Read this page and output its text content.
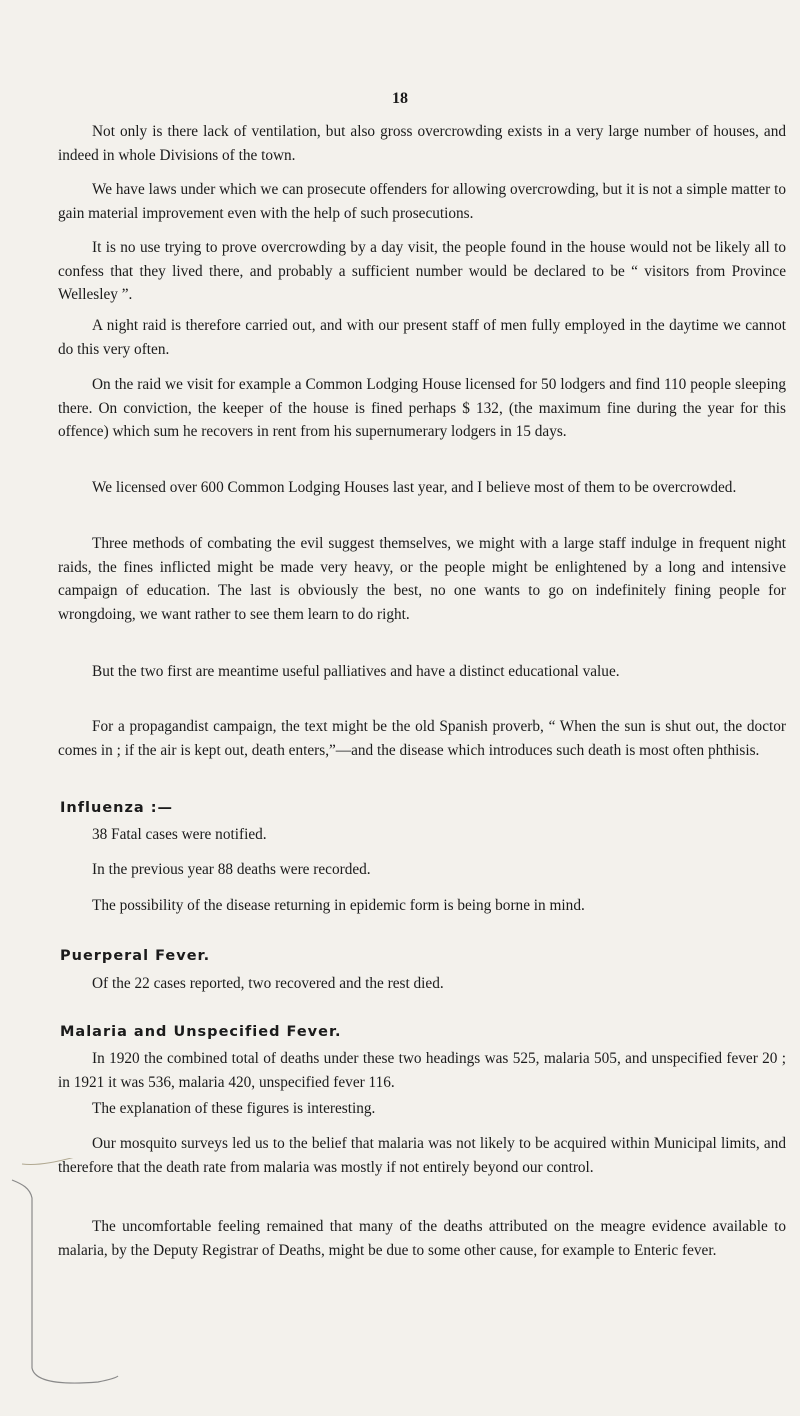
18

Not only is there lack of ventilation, but also gross overcrowding exists in a very large number of houses, and indeed in whole Divisions of the town.

We have laws under which we can prosecute offenders for allowing overcrowding, but it is not a simple matter to gain material improvement even with the help of such prosecutions.

It is no use trying to prove overcrowding by a day visit, the people found in the house would not be likely all to confess that they lived there, and probably a sufficient number would be declared to be “ visitors from Province Wellesley ”.

A night raid is therefore carried out, and with our present staff of men fully employed in the daytime we cannot do this very often.

On the raid we visit for example a Common Lodging House licensed for 50 lodgers and find 110 people sleeping there. On conviction, the keeper of the house is fined perhaps $ 132, (the maximum fine during the year for this offence) which sum he recovers in rent from his supernumerary lodgers in 15 days.

We licensed over 600 Common Lodging Houses last year, and I believe most of them to be overcrowded.

Three methods of combating the evil suggest themselves, we might with a large staff indulge in frequent night raids, the fines inflicted might be made very heavy, or the people might be enlightened by a long and intensive campaign of education. The last is obviously the best, no one wants to go on indefinitely fining people for wrongdoing, we want rather to see them learn to do right.

But the two first are meantime useful palliatives and have a distinct educational value.

For a propagandist campaign, the text might be the old Spanish proverb, “ When the sun is shut out, the doctor comes in ; if the air is kept out, death enters,”—and the disease which introduces such death is most often phthisis.

Influenza :—

38 Fatal cases were notified.

In the previous year 88 deaths were recorded.

The possibility of the disease returning in epidemic form is being borne in mind.

Puerperal Fever.

Of the 22 cases reported, two recovered and the rest died.

Malaria and Unspecified Fever.

In 1920 the combined total of deaths under these two headings was 525, malaria 505, and unspecified fever 20 ; in 1921 it was 536, malaria 420, unspecified fever 116.

The explanation of these figures is interesting.

Our mosquito surveys led us to the belief that malaria was not likely to be acquired within Municipal limits, and therefore that the death rate from malaria was mostly if not entirely beyond our control.

The uncomfortable feeling remained that many of the deaths attributed on the meagre evidence available to malaria, by the Deputy Registrar of Deaths, might be due to some other cause, for example to Enteric fever.
